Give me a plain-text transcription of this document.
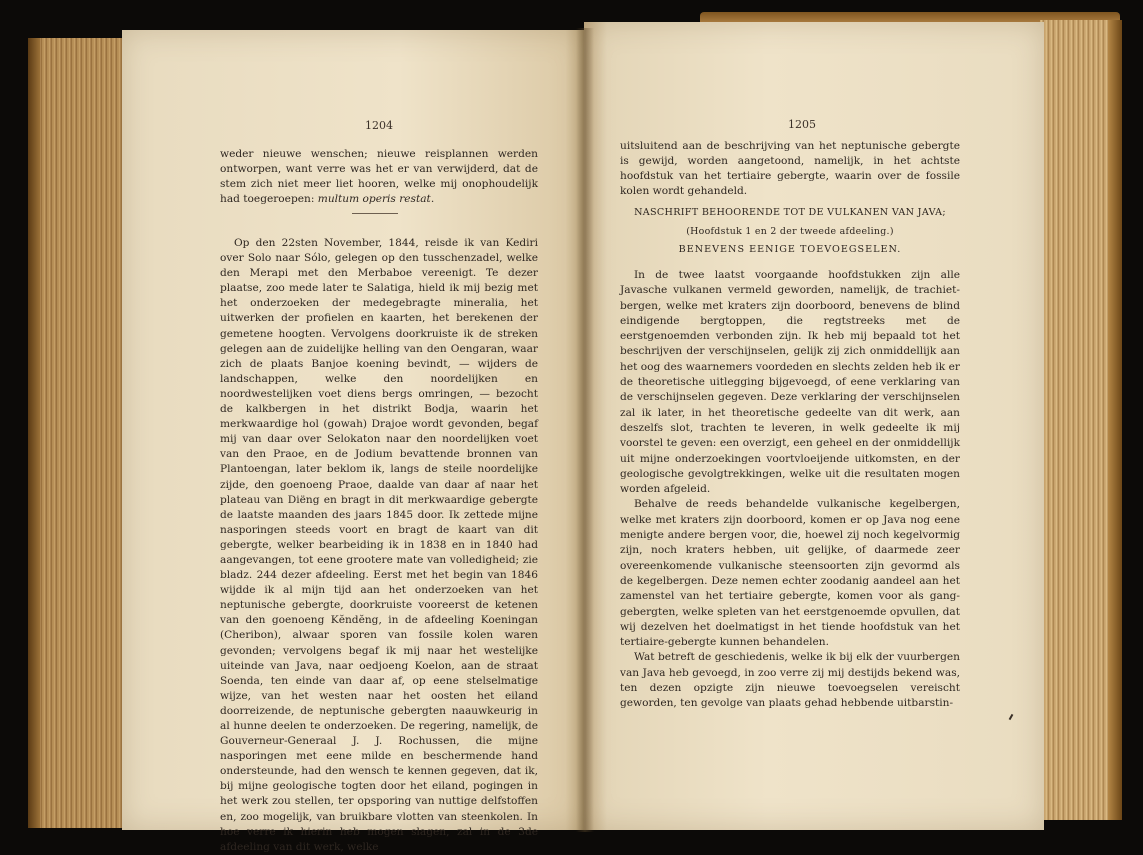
1204

weder nieuwe wenschen; nieuwe reisplannen werden ontworpen, want verre was het er van verwijderd, dat de stem zich niet meer liet hooren, welke mij onophoudelijk had toegeroepen: multum operis restat.

Op den 22sten November, 1844, reisde ik van Kediri over Solo naar Sólo, gelegen op den tusschenzadel, welke den Merapi met den Merbaboe vereenigt. Te dezer plaatse, zoo mede later te Salatiga, hield ik mij bezig met het onderzoeken der medegebragte mineralia, het uitwerken der profielen en kaarten, het berekenen der gemetene hoogten. Vervolgens doorkruiste ik de streken gelegen aan de zuidelijke helling van den Oengaran, waar zich de plaats Banjoe koening bevindt, — wijders de landschappen, welke den noordelijken en noordwestelijken voet diens bergs omringen, — bezocht de kalkbergen in het distrikt Bodja, waarin het merkwaardige hol (gowah) Drajoe wordt gevonden, begaf mij van daar over Selokaton naar den noordelijken voet van den Praoe, en de Jodium bevattende bronnen van Plantoengan, later beklom ik, langs de steile noordelijke zijde, den goenoeng Praoe, daalde van daar af naar het plateau van Diëng en bragt in dit merkwaardige gebergte de laatste maanden des jaars 1845 door. Ik zettede mijne nasporingen steeds voort en bragt de kaart van dit gebergte, welker bearbeiding ik in 1838 en in 1840 had aangevangen, tot eene grootere mate van volledigheid; zie bladz. 244 dezer afdeeling. Eerst met het begin van 1846 wijdde ik al mijn tijd aan het onderzoeken van het neptunische gebergte, doorkruiste vooreerst de ketenen van den goenoeng Kĕndĕng, in de afdeeling Koeningan (Cheribon), alwaar sporen van fossile kolen waren gevonden; vervolgens begaf ik mij naar het westelijke uiteinde van Java, naar oedjoeng Koelon, aan de straat Soenda, ten einde van daar af, op eene stelselmatige wijze, van het westen naar het oosten het eiland doorreizende, de neptunische gebergten naauwkeurig in al hunne deelen te onderzoeken. De regering, namelijk, de Gouverneur-Generaal J. J. Rochussen, die mijne nasporingen met eene milde en beschermende hand ondersteunde, had den wensch te kennen gegeven, dat ik, bij mijne geologische togten door het eiland, pogingen in het werk zou stellen, ter opsporing van nuttige delfstoffen en, zoo mogelijk, van bruikbare vlotten van steenkolen. In hoe verre ik hierin heb mogen slagen, zal in de 3de afdeeling van dit werk, welke

1205

uitsluitend aan de beschrijving van het neptunische gebergte is gewijd, worden aangetoond, namelijk, in het achtste hoofdstuk van het tertiaire gebergte, waarin over de fossile kolen wordt gehandeld.

NASCHRIFT BEHOORENDE TOT DE VULKANEN VAN JAVA;
(Hoofdstuk 1 en 2 der tweede afdeeling.)
BENEVENS EENIGE TOEVOEGSELEN.

In de twee laatst voorgaande hoofdstukken zijn alle Javasche vulkanen vermeld geworden, namelijk, de trachiet-bergen, welke met kraters zijn doorboord, benevens de blind eindigende bergtoppen, die regtstreeks met de eerstgenoemden verbonden zijn. Ik heb mij bepaald tot het beschrijven der verschijnselen, gelijk zij zich onmiddellijk aan het oog des waarnemers voordeden en slechts zelden heb ik er de theoretische uitlegging bijgevoegd, of eene verklaring van de verschijnselen gegeven. Deze verklaring der verschijnselen zal ik later, in het theoretische gedeelte van dit werk, aan deszelfs slot, trachten te leveren, in welk gedeelte ik mij voorstel te geven: een overzigt, een geheel en der onmiddellijk uit mijne onderzoekingen voortvloeijende uitkomsten, en der geologische gevolgtrekkingen, welke uit die resultaten mogen worden afgeleid.

Behalve de reeds behandelde vulkanische kegelbergen, welke met kraters zijn doorboord, komen er op Java nog eene menigte andere bergen voor, die, hoewel zij noch kegelvormig zijn, noch kraters hebben, uit gelijke, of daarmede zeer overeenkomende vulkanische steensoorten zijn gevormd als de kegelbergen. Deze nemen echter zoodanig aandeel aan het zamenstel van het tertiaire gebergte, komen voor als gang-gebergten, welke spleten van het eerstgenoemde opvullen, dat wij dezelven het doelmatigst in het tiende hoofdstuk van het tertiaire-gebergte kunnen behandelen.

Wat betreft de geschiedenis, welke ik bij elk der vuurbergen van Java heb gevoegd, in zoo verre zij mij destijds bekend was, ten dezen opzigte zijn nieuwe toevoegselen vereischt geworden, ten gevolge van plaats gehad hebbende uitbarstin-
